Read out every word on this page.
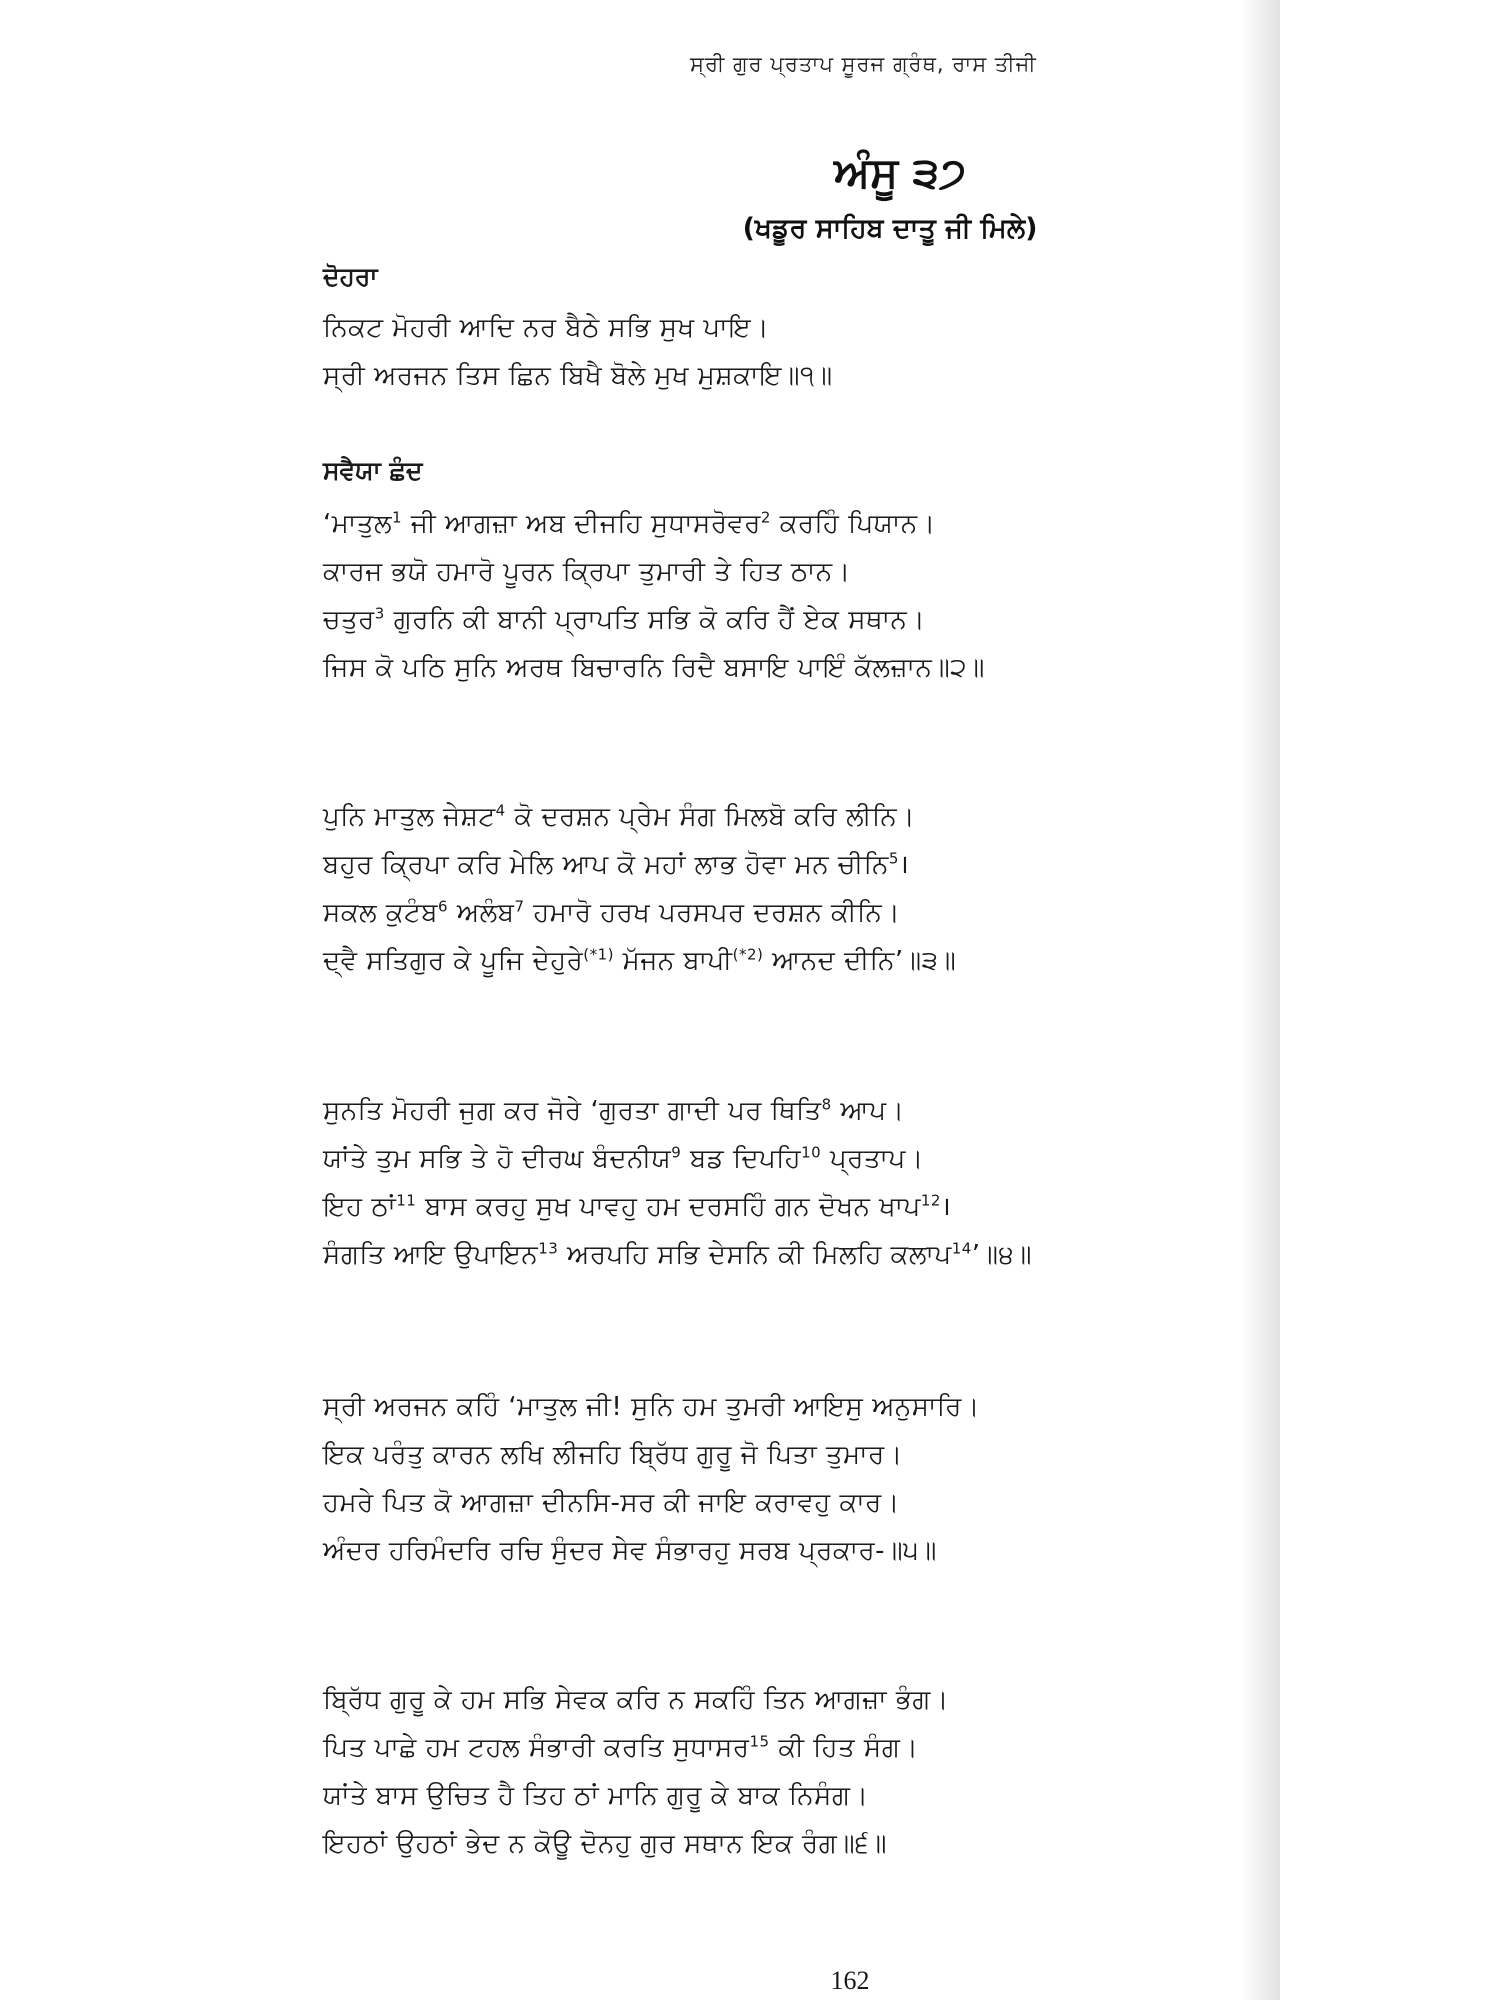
ਸ੍ਰੀ ਗੁਰ ਪ੍ਰਤਾਪ ਸੂਰਜ ਗ੍ਰੰਥ, ਰਾਸ ਤੀਜੀ
ਅੰਸੂ ੩੭
(ਖਡੂਰ ਸਾਹਿਬ ਦਾਤੂ ਜੀ ਮਿਲੇ)
ਦੋਹਰਾ
ਨਿਕਟ ਮੋਹਰੀ ਆਦਿ ਨਰ ਬੈਠੇ ਸਭਿ ਸੁਖ ਪਾਇ।
ਸ੍ਰੀ ਅਰਜਨ ਤਿਸ ਛਿਨ ਬਿਖੈ ਬੋਲੇ ਮੁਖ ਮੁਸ਼ਕਾਇ॥੧॥
ਸਵੈਯਾ ਛੰਦ
‘ਮਾਤੁਲ$^1$ ਜੀ ਆਗਜ਼ਾ ਅਬ ਦੀਜਹਿ ਸੁਧਾਸਰੋਵਰ$^2$ ਕਰਹਿੰ ਪਿਯਾਨ।
ਕਾਰਜ ਭਯੋ ਹਮਾਰੋ ਪੂਰਨ ਕ੍ਰਿਪਾ ਤੁਮਾਰੀ ਤੇ ਹਿਤ ਠਾਨ।
ਚਤੁਰ$^3$ ਗੁਰਨਿ ਕੀ ਬਾਨੀ ਪ੍ਰਾਪਤਿ ਸਭਿ ਕੋ ਕਰਿ ਹੈਂ ਏਕ ਸਥਾਨ।
ਜਿਸ ਕੋ ਪਠਿ ਸੁਨਿ ਅਰਥ ਬਿਚਾਰਨਿ ਰਿਦੈ ਬਸਾਇ ਪਾਇੰ ਕੱਲਜ਼ਾਨ॥੨॥
ਪੁਨਿ ਮਾਤੁਲ ਜੇਸ਼ਟ$^4$ ਕੋ ਦਰਸ਼ਨ ਪ੍ਰੇਮ ਸੰਗ ਮਿਲਬੋ ਕਰਿ ਲੀਨਿ।
ਬਹੁਰ ਕ੍ਰਿਪਾ ਕਰਿ ਮੇਲਿ ਆਪ ਕੋ ਮਹਾਂ ਲਾਭ ਹੋਵਾ ਮਨ ਚੀਨਿ$^5$।
ਸਕਲ ਕੁਟੰਬ$^6$ ਅਲੰਬ$^7$ ਹਮਾਰੋ ਹਰਖ ਪਰਸਪਰ ਦਰਸ਼ਨ ਕੀਨਿ।
ਦ੍ਵੈ ਸਤਿਗੁਰ ਕੇ ਪੂਜਿ ਦੇਹੁਰੇ$^{(*1)}$ ਮੱਜਨ ਬਾਪੀ$^{(*2)}$ ਆਨਦ ਦੀਨਿ’॥੩॥
ਸੁਨਤਿ ਮੋਹਰੀ ਜੁਗ ਕਰ ਜੋਰੇ ‘ਗੁਰਤਾ ਗਾਦੀ ਪਰ ਥਿਤਿ$^8$ ਆਪ।
ਯਾਂਤੇ ਤੁਮ ਸਭਿ ਤੇ ਹੋ ਦੀਰਘ ਬੰਦਨੀਯ$^9$ ਬਡ ਦਿਪਹਿ$^{10}$ ਪ੍ਰਤਾਪ।
ਇਹ ਠਾਂ$^{11}$ ਬਾਸ ਕਰਹੁ ਸੁਖ ਪਾਵਹੁ ਹਮ ਦਰਸਹਿੰ ਗਨ ਦੋਖਨ ਖਾਪ$^{12}$।
ਸੰਗਤਿ ਆਇ ਉਪਾਇਨ$^{13}$ ਅਰਪਹਿ ਸਭਿ ਦੇਸਨਿ ਕੀ ਮਿਲਹਿ ਕਲਾਪ$^{14}$’॥੪॥
ਸ੍ਰੀ ਅਰਜਨ ਕਹਿੰ ‘ਮਾਤੁਲ ਜੀ! ਸੁਨਿ ਹਮ ਤੁਮਰੀ ਆਇਸੁ ਅਨੁਸਾਰਿ।
ਇਕ ਪਰੰਤੁ ਕਾਰਨ ਲਖਿ ਲੀਜਹਿ ਬ੍ਰਿੱਧ ਗੁਰੂ ਜੋ ਪਿਤਾ ਤੁਮਾਰ।
ਹਮਰੇ ਪਿਤ ਕੋ ਆਗਜ਼ਾ ਦੀਨਸਿ-ਸਰ ਕੀ ਜਾਇ ਕਰਾਵਹੁ ਕਾਰ।
ਅੰਦਰ ਹਰਿਮੰਦਰਿ ਰਚਿ ਸੁੰਦਰ ਸੇਵ ਸੰਭਾਰਹੁ ਸਰਬ ਪ੍ਰਕਾਰ-॥੫॥
ਬ੍ਰਿੱਧ ਗੁਰੂ ਕੇ ਹਮ ਸਭਿ ਸੇਵਕ ਕਰਿ ਨ ਸਕਹਿੰ ਤਿਨ ਆਗਜ਼ਾ ਭੰਗ।
ਪਿਤ ਪਾਛੇ ਹਮ ਟਹਲ ਸੰਭਾਰੀ ਕਰਤਿ ਸੁਧਾਸਰ$^{15}$ ਕੀ ਹਿਤ ਸੰਗ।
ਯਾਂਤੇ ਬਾਸ ਉਚਿਤ ਹੈ ਤਿਹ ਠਾਂ ਮਾਨਿ ਗੁਰੂ ਕੇ ਬਾਕ ਨਿਸੰਗ।
ਇਹਠਾਂ ਉਹਠਾਂ ਭੇਦ ਨ ਕੋਊ ਦੋਨਹੁ ਗੁਰ ਸਥਾਨ ਇਕ ਰੰਗ॥੬॥
162
